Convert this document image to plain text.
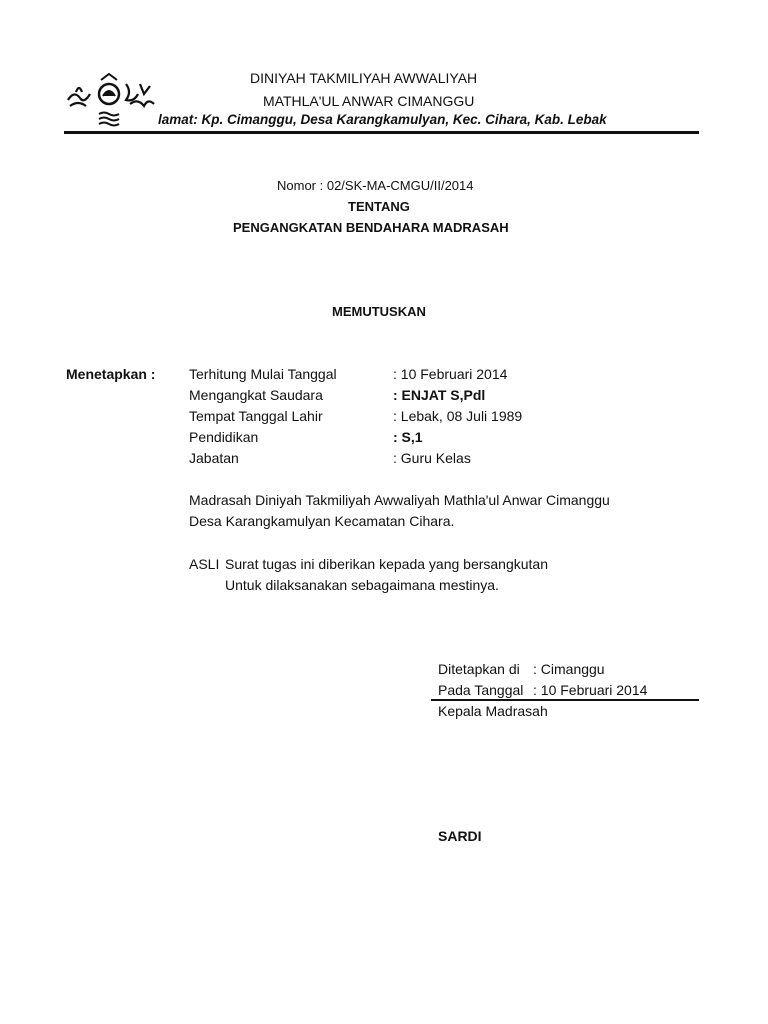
DINIYAH TAKMILIYAH AWWALIYAH
MATHLA'UL ANWAR CIMANGGU
lamat: Kp. Cimanggu, Desa Karangkamulyan, Kec. Cihara, Kab. Lebak
Nomor : 02/SK-MA-CMGU/II/2014
TENTANG
PENGANGKATAN BENDAHARA MADRASAH
MEMUTUSKAN
Menetapkan : Terhitung Mulai Tanggal	: 10 Februari 2014
Mengangkat Saudara	: ENJAT S,Pdl
Tempat Tanggal Lahir	: Lebak, 08 Juli 1989
Pendidikan	: S,1
Jabatan	: Guru Kelas
Madrasah Diniyah Takmiliyah Awwaliyah Mathla'ul Anwar Cimanggu
Desa Karangkamulyan Kecamatan Cihara.
ASLI Surat tugas ini diberikan kepada yang bersangkutan
Untuk dilaksanakan sebagaimana mestinya.
Ditetapkan di : Cimanggu
Pada Tanggal : 10 Februari 2014
Kepala Madrasah
SARDI
